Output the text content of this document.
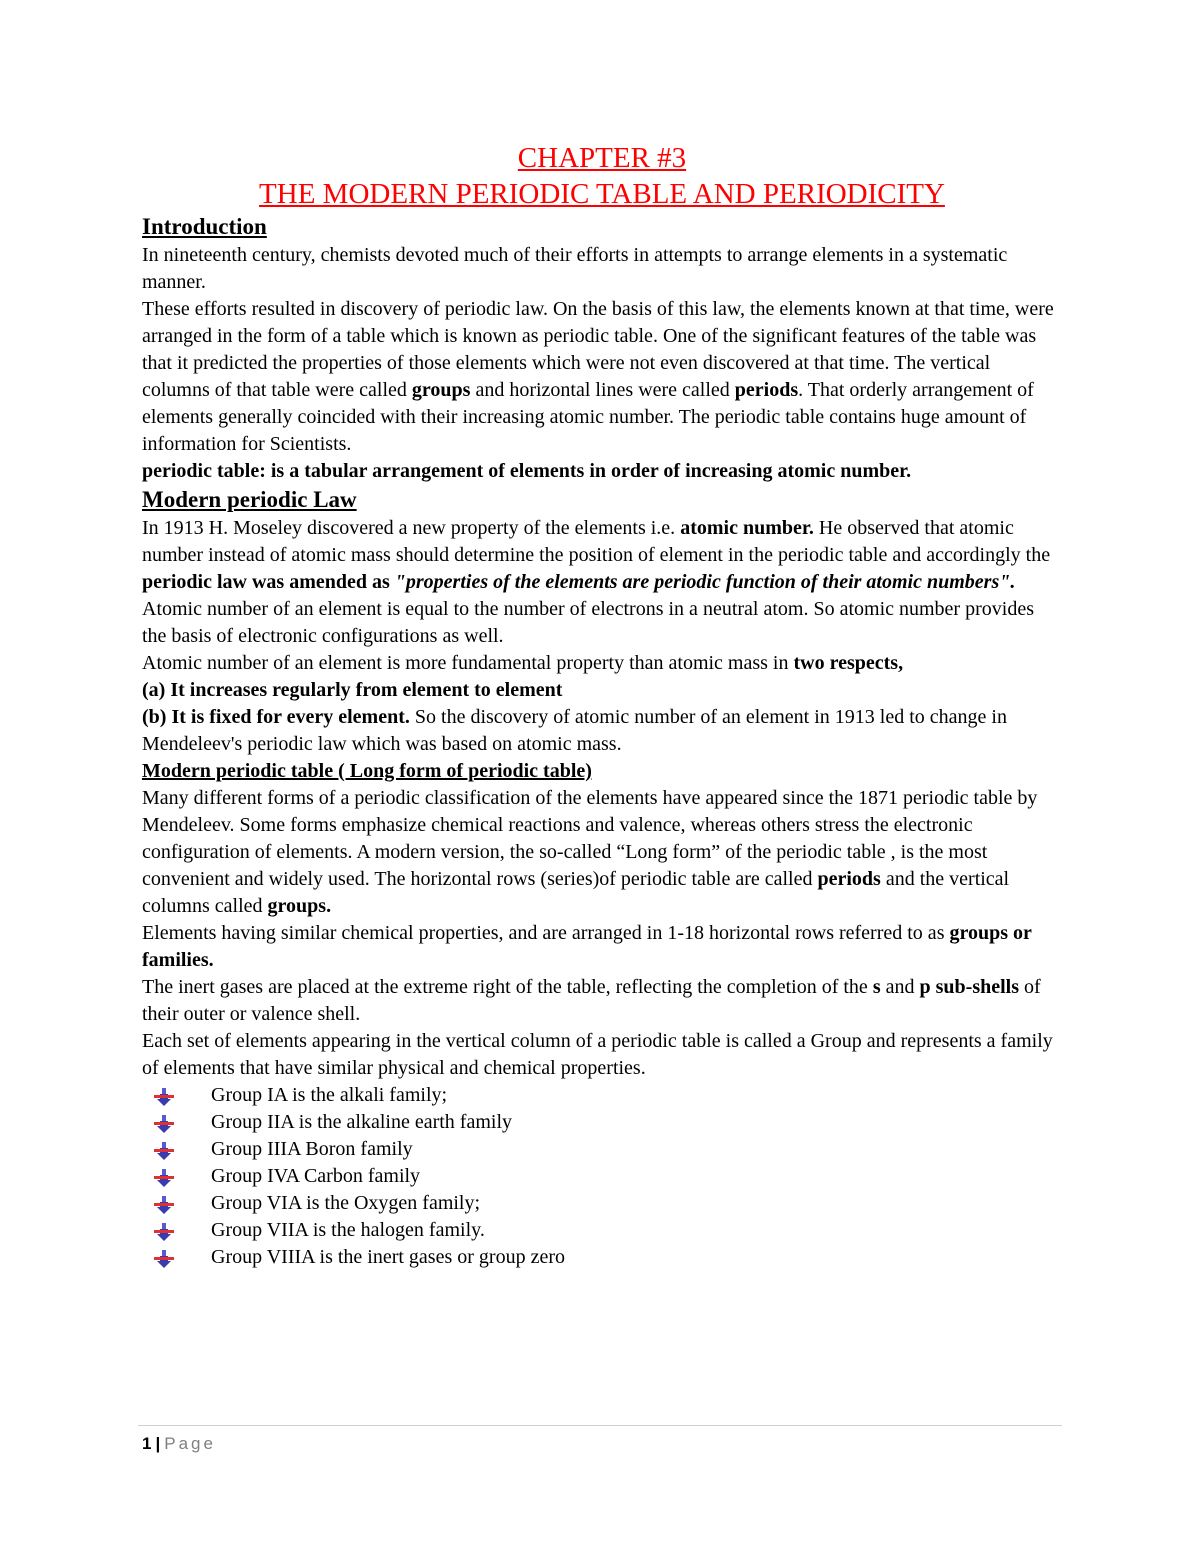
CHAPTER #3
THE MODERN PERIODIC TABLE AND PERIODICITY
Introduction

In nineteenth century, chemists devoted much of their efforts in attempts to arrange elements in a systematic manner.

These efforts resulted in discovery of periodic law. On the basis of this law, the elements known at that time, were arranged in the form of a table which is known as periodic table. One of the significant features of the table was that it predicted the properties of those elements which were not even discovered at that time. The vertical columns of that table were called groups and horizontal lines were called periods. That orderly arrangement of elements generally coincided with their increasing atomic number. The periodic table contains huge amount of information for Scientists.

periodic table: is a tabular arrangement of elements in order of increasing atomic number.

Modern periodic Law

In 1913 H. Moseley discovered a new property of the elements i.e. atomic number. He observed that atomic number instead of atomic mass should determine the position of element in the periodic table and accordingly the periodic law was amended as "properties of the elements are periodic function of their atomic numbers". Atomic number of an element is equal to the number of electrons in a neutral atom. So atomic number provides the basis of electronic configurations as well.

Atomic number of an element is more fundamental property than atomic mass in two respects,

(a) It increases regularly from element to element

(b) It is fixed for every element. So the discovery of atomic number of an element in 1913 led to change in Mendeleev's periodic law which was based on atomic mass.

Modern periodic table ( Long form of periodic table)

Many different forms of a periodic classification of the elements have appeared since the 1871 periodic table by Mendeleev. Some forms emphasize chemical reactions and valence, whereas others stress the electronic configuration of elements. A modern version, the so-called “Long form” of the periodic table , is the most convenient and widely used. The horizontal rows (series)of periodic table are called periods and the vertical columns called groups.

Elements having similar chemical properties, and are arranged in 1-18 horizontal rows referred to as groups or families.

The inert gases are placed at the extreme right of the table, reflecting the completion of the s and p sub-shells of their outer or valence shell.

Each set of elements appearing in the vertical column of a periodic table is called a Group and represents a family of elements that have similar physical and chemical properties.

Group IA is the alkali family;
Group IIA is the alkaline earth family
Group IIIA Boron family
Group IVA Carbon family
Group VIA is the Oxygen family;
Group VIIA is the halogen family.
Group VIIIA is the inert gases or group zero
1 | Page
